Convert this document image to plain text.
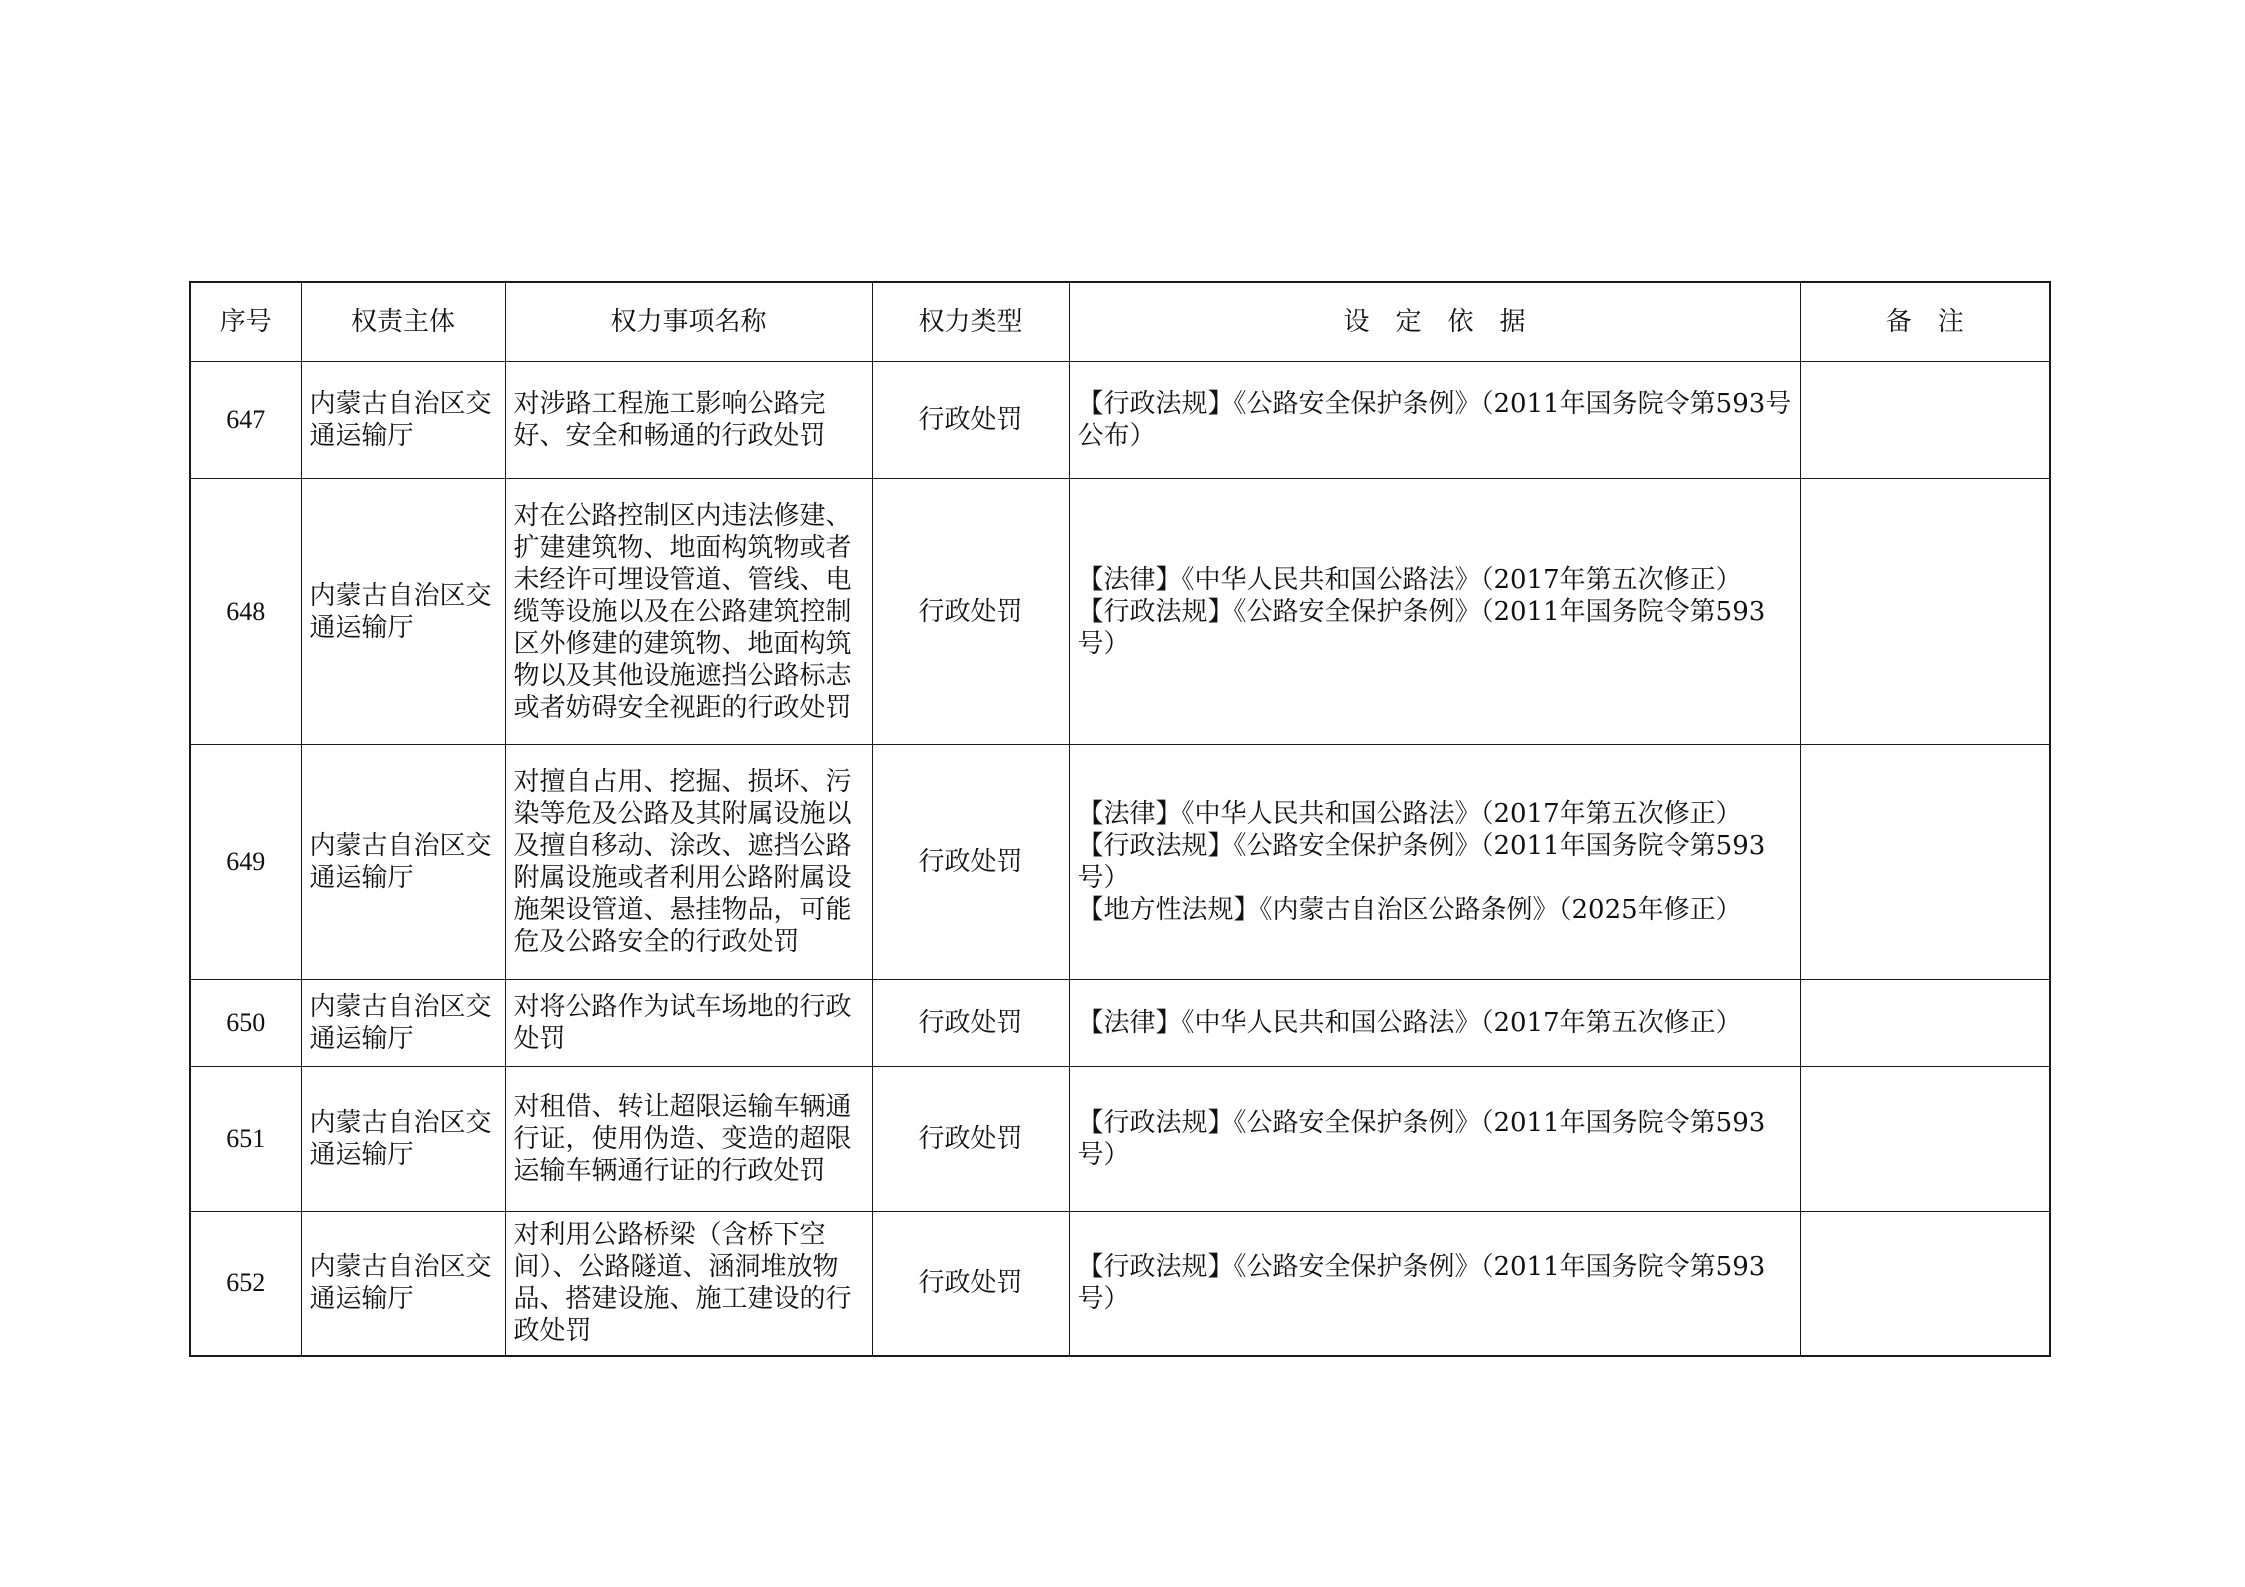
序号	权责主体	权力事项名称	权力类型	设　定　依　据	备　注
647	内蒙古自治区交通运输厅	对涉路工程施工影响公路完好、安全和畅通的行政处罚	行政处罚	【行政法规】《公路安全保护条例》（2011年国务院令第593号公布）	

648	内蒙古自治区交通运输厅	对在公路控制区内违法修建、扩建建筑物、地面构筑物或者未经许可埋设管道、管线、电缆等设施以及在公路建筑控制区外修建的建筑物、地面构筑物以及其他设施遮挡公路标志或者妨碍安全视距的行政处罚	行政处罚	【法律】《中华人民共和国公路法》（2017年第五次修正）
【行政法规】《公路安全保护条例》（2011年国务院令第593号）	

649	内蒙古自治区交通运输厅	对擅自占用、挖掘、损坏、污染等危及公路及其附属设施以及擅自移动、涂改、遮挡公路附属设施或者利用公路附属设施架设管道、悬挂物品，可能危及公路安全的行政处罚	行政处罚	【法律】《中华人民共和国公路法》（2017年第五次修正）
【行政法规】《公路安全保护条例》（2011年国务院令第593号）
【地方性法规】《内蒙古自治区公路条例》（2025年修正）	

650	内蒙古自治区交通运输厅	对将公路作为试车场地的行政处罚	行政处罚	【法律】《中华人民共和国公路法》（2017年第五次修正）	

651	内蒙古自治区交通运输厅	对租借、转让超限运输车辆通行证，使用伪造、变造的超限运输车辆通行证的行政处罚	行政处罚	【行政法规】《公路安全保护条例》（2011年国务院令第593号）	

652	内蒙古自治区交通运输厅	对利用公路桥梁（含桥下空间）、公路隧道、涵洞堆放物品、搭建设施、施工建设的行政处罚	行政处罚	【行政法规】《公路安全保护条例》（2011年国务院令第593号）	
